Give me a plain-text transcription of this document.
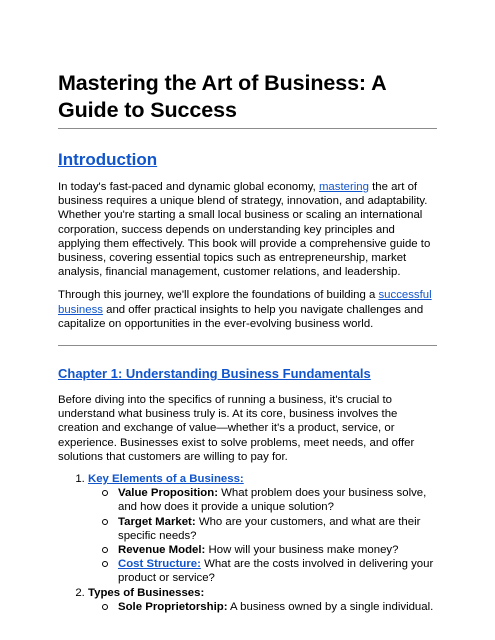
Mastering the Art of Business: A Guide to Success
Introduction

In today's fast-paced and dynamic global economy, mastering the art of business requires a unique blend of strategy, innovation, and adaptability. Whether you're starting a small local business or scaling an international corporation, success depends on understanding key principles and applying them effectively. This book will provide a comprehensive guide to business, covering essential topics such as entrepreneurship, market analysis, financial management, customer relations, and leadership.

Through this journey, we'll explore the foundations of building a successful business and offer practical insights to help you navigate challenges and capitalize on opportunities in the ever-evolving business world.

Chapter 1: Understanding Business Fundamentals

Before diving into the specifics of running a business, it's crucial to understand what business truly is. At its core, business involves the creation and exchange of value—whether it's a product, service, or experience. Businesses exist to solve problems, meet needs, and offer solutions that customers are willing to pay for.

1. Key Elements of a Business:
Value Proposition: What problem does your business solve, and how does it provide a unique solution?
Target Market: Who are your customers, and what are their specific needs?
Revenue Model: How will your business make money?
Cost Structure: What are the costs involved in delivering your product or service?
2. Types of Businesses:
Sole Proprietorship: A business owned by a single individual.
